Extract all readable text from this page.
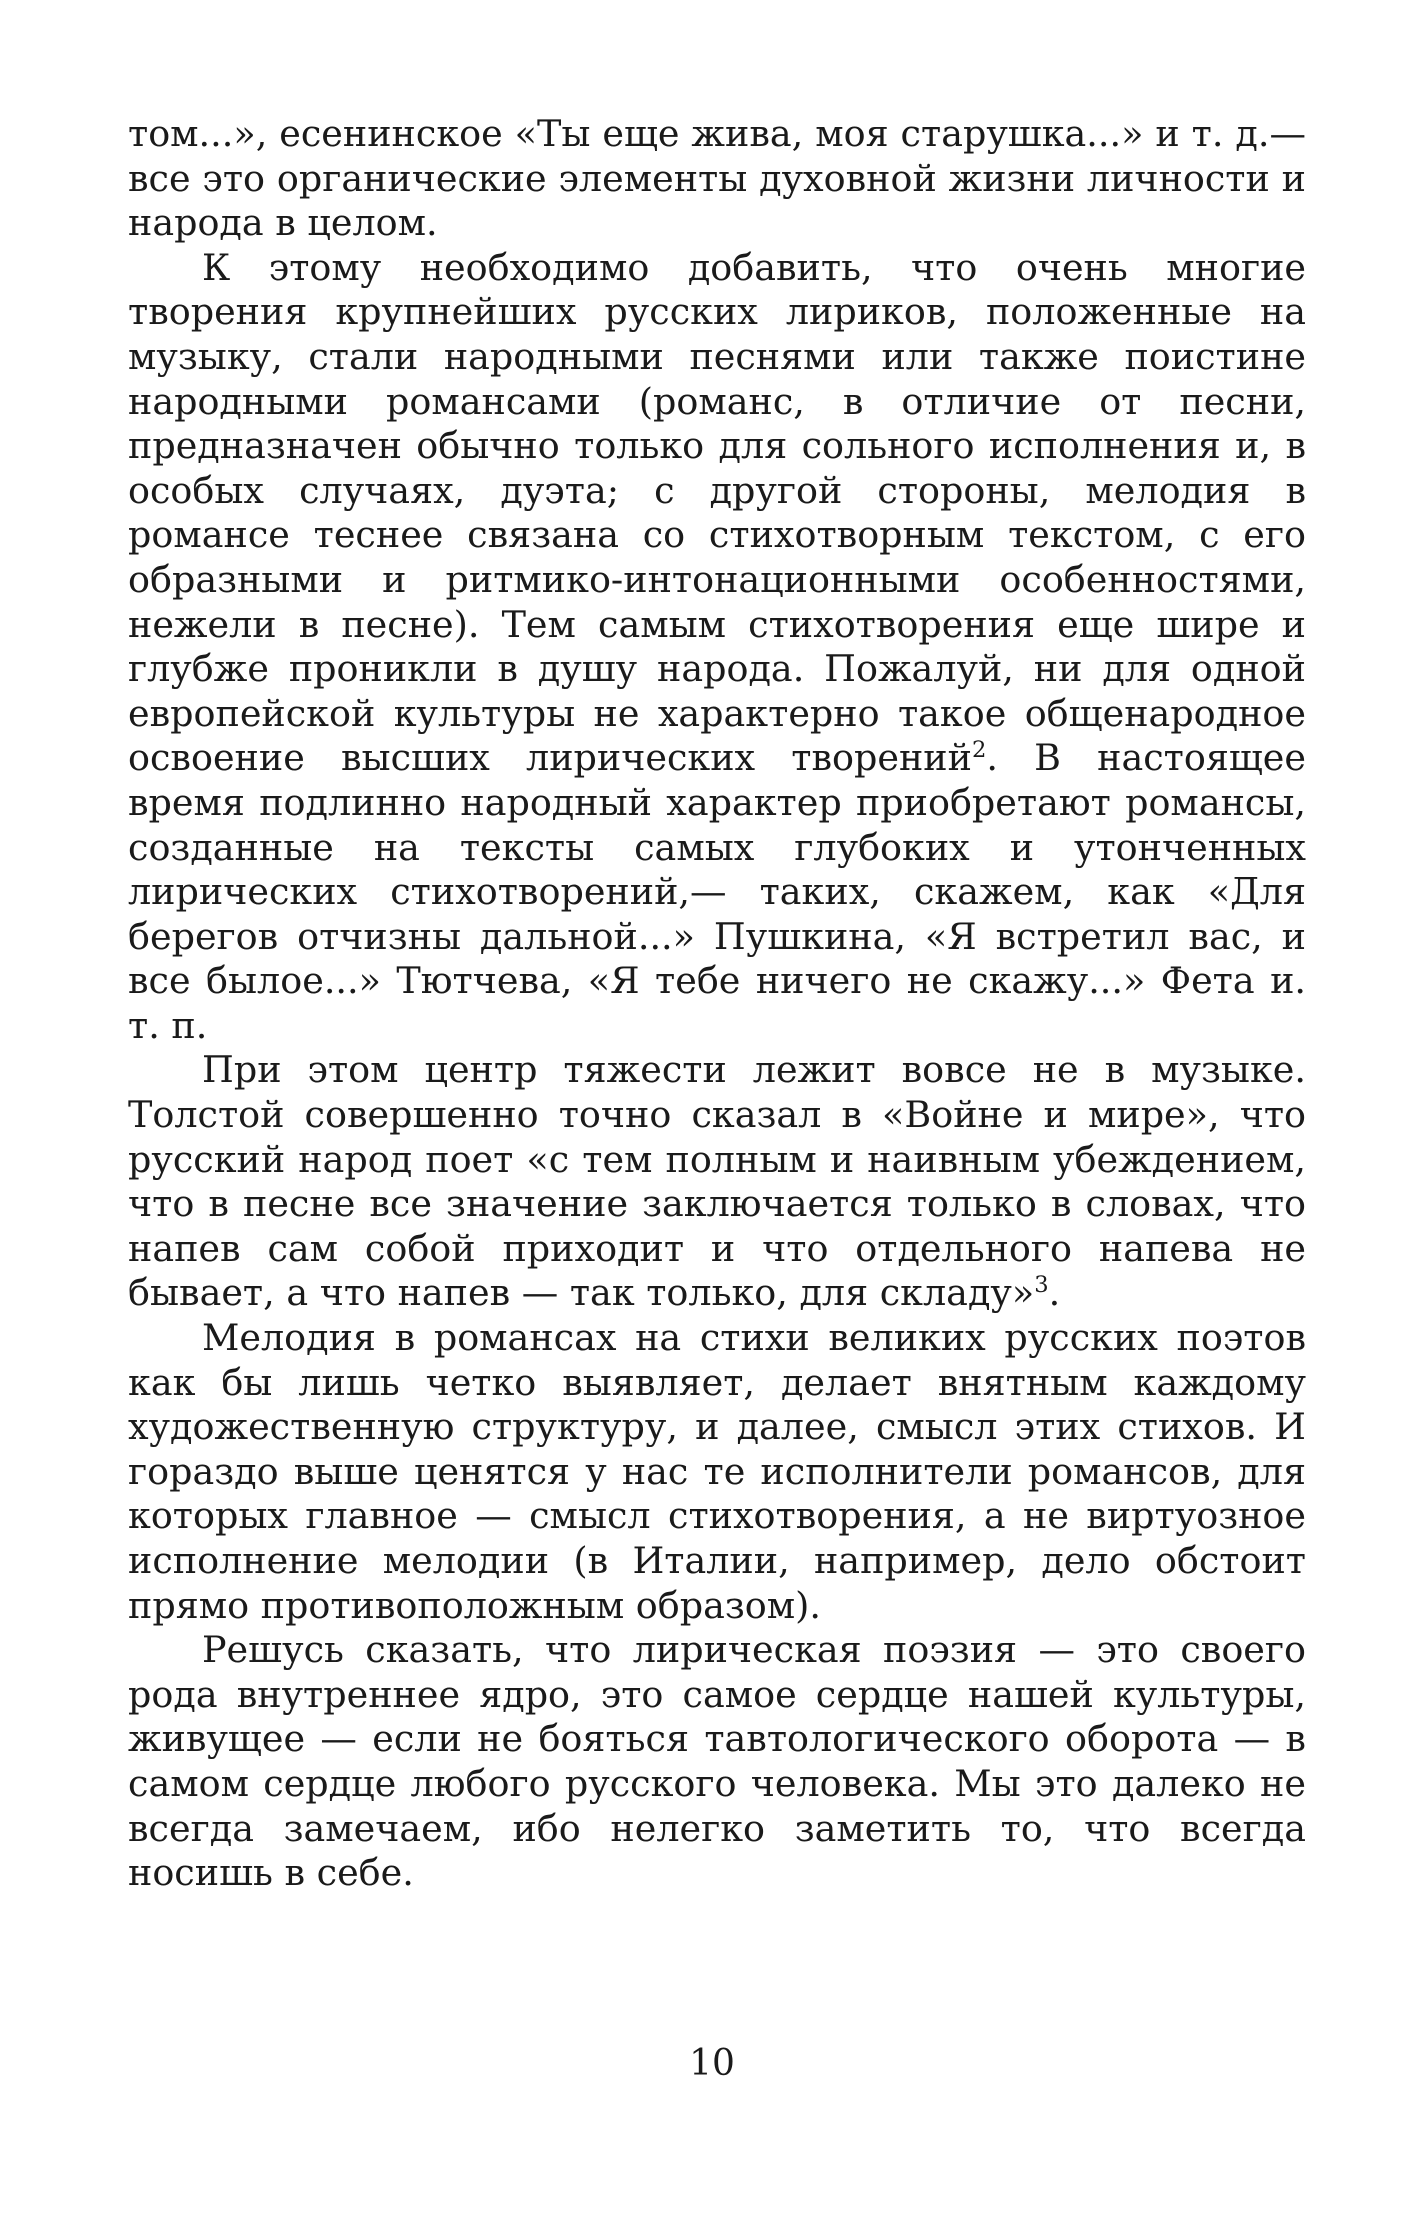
том...», есенинское «Ты еще жива, моя старушка...» и т. д.— все это органические элементы духовной жизни личности и народа в целом.

К этому необходимо добавить, что очень многие творения крупнейших русских лириков, положенные на музыку, стали народными песнями или также поистине народными романсами (романс, в отличие от песни, предназначен обычно только для сольного исполнения и, в особых случаях, дуэта; с другой стороны, мелодия в романсе теснее связана со стихотворным текстом, с его образными и ритмико-интонационными особенностями, нежели в песне). Тем самым стихотворения еще шире и глубже проникли в душу народа. Пожалуй, ни для одной европейской культуры не характерно такое общенародное освоение высших лирических творений$^2$. В настоящее время подлинно народный характер приобретают романсы, созданные на тексты самых глубоких и утонченных лирических стихотворений,— таких, скажем, как «Для берегов отчизны дальной...» Пушкина, «Я встретил вас, и все былое...» Тютчева, «Я тебе ничего не скажу...» Фета и. т. п.

При этом центр тяжести лежит вовсе не в музыке. Толстой совершенно точно сказал в «Войне и мире», что русский народ поет «с тем полным и наивным убеждением, что в песне все значение заключается только в словах, что напев сам собой приходит и что отдельного напева не бывает, а что напев — так только, для складу»$^3$.

Мелодия в романсах на стихи великих русских поэтов как бы лишь четко выявляет, делает внятным каждому художественную структуру, и далее, смысл этих стихов. И гораздо выше ценятся у нас те исполнители романсов, для которых главное — смысл стихотворения, а не виртуозное исполнение мелодии (в Италии, например, дело обстоит прямо противоположным образом).

Решусь сказать, что лирическая поэзия — это своего рода внутреннее ядро, это самое сердце нашей культуры, живущее — если не бояться тавтологического оборота — в самом сердце любого русского человека. Мы это далеко не всегда замечаем, ибо нелегко заметить то, что всегда носишь в себе.

10
